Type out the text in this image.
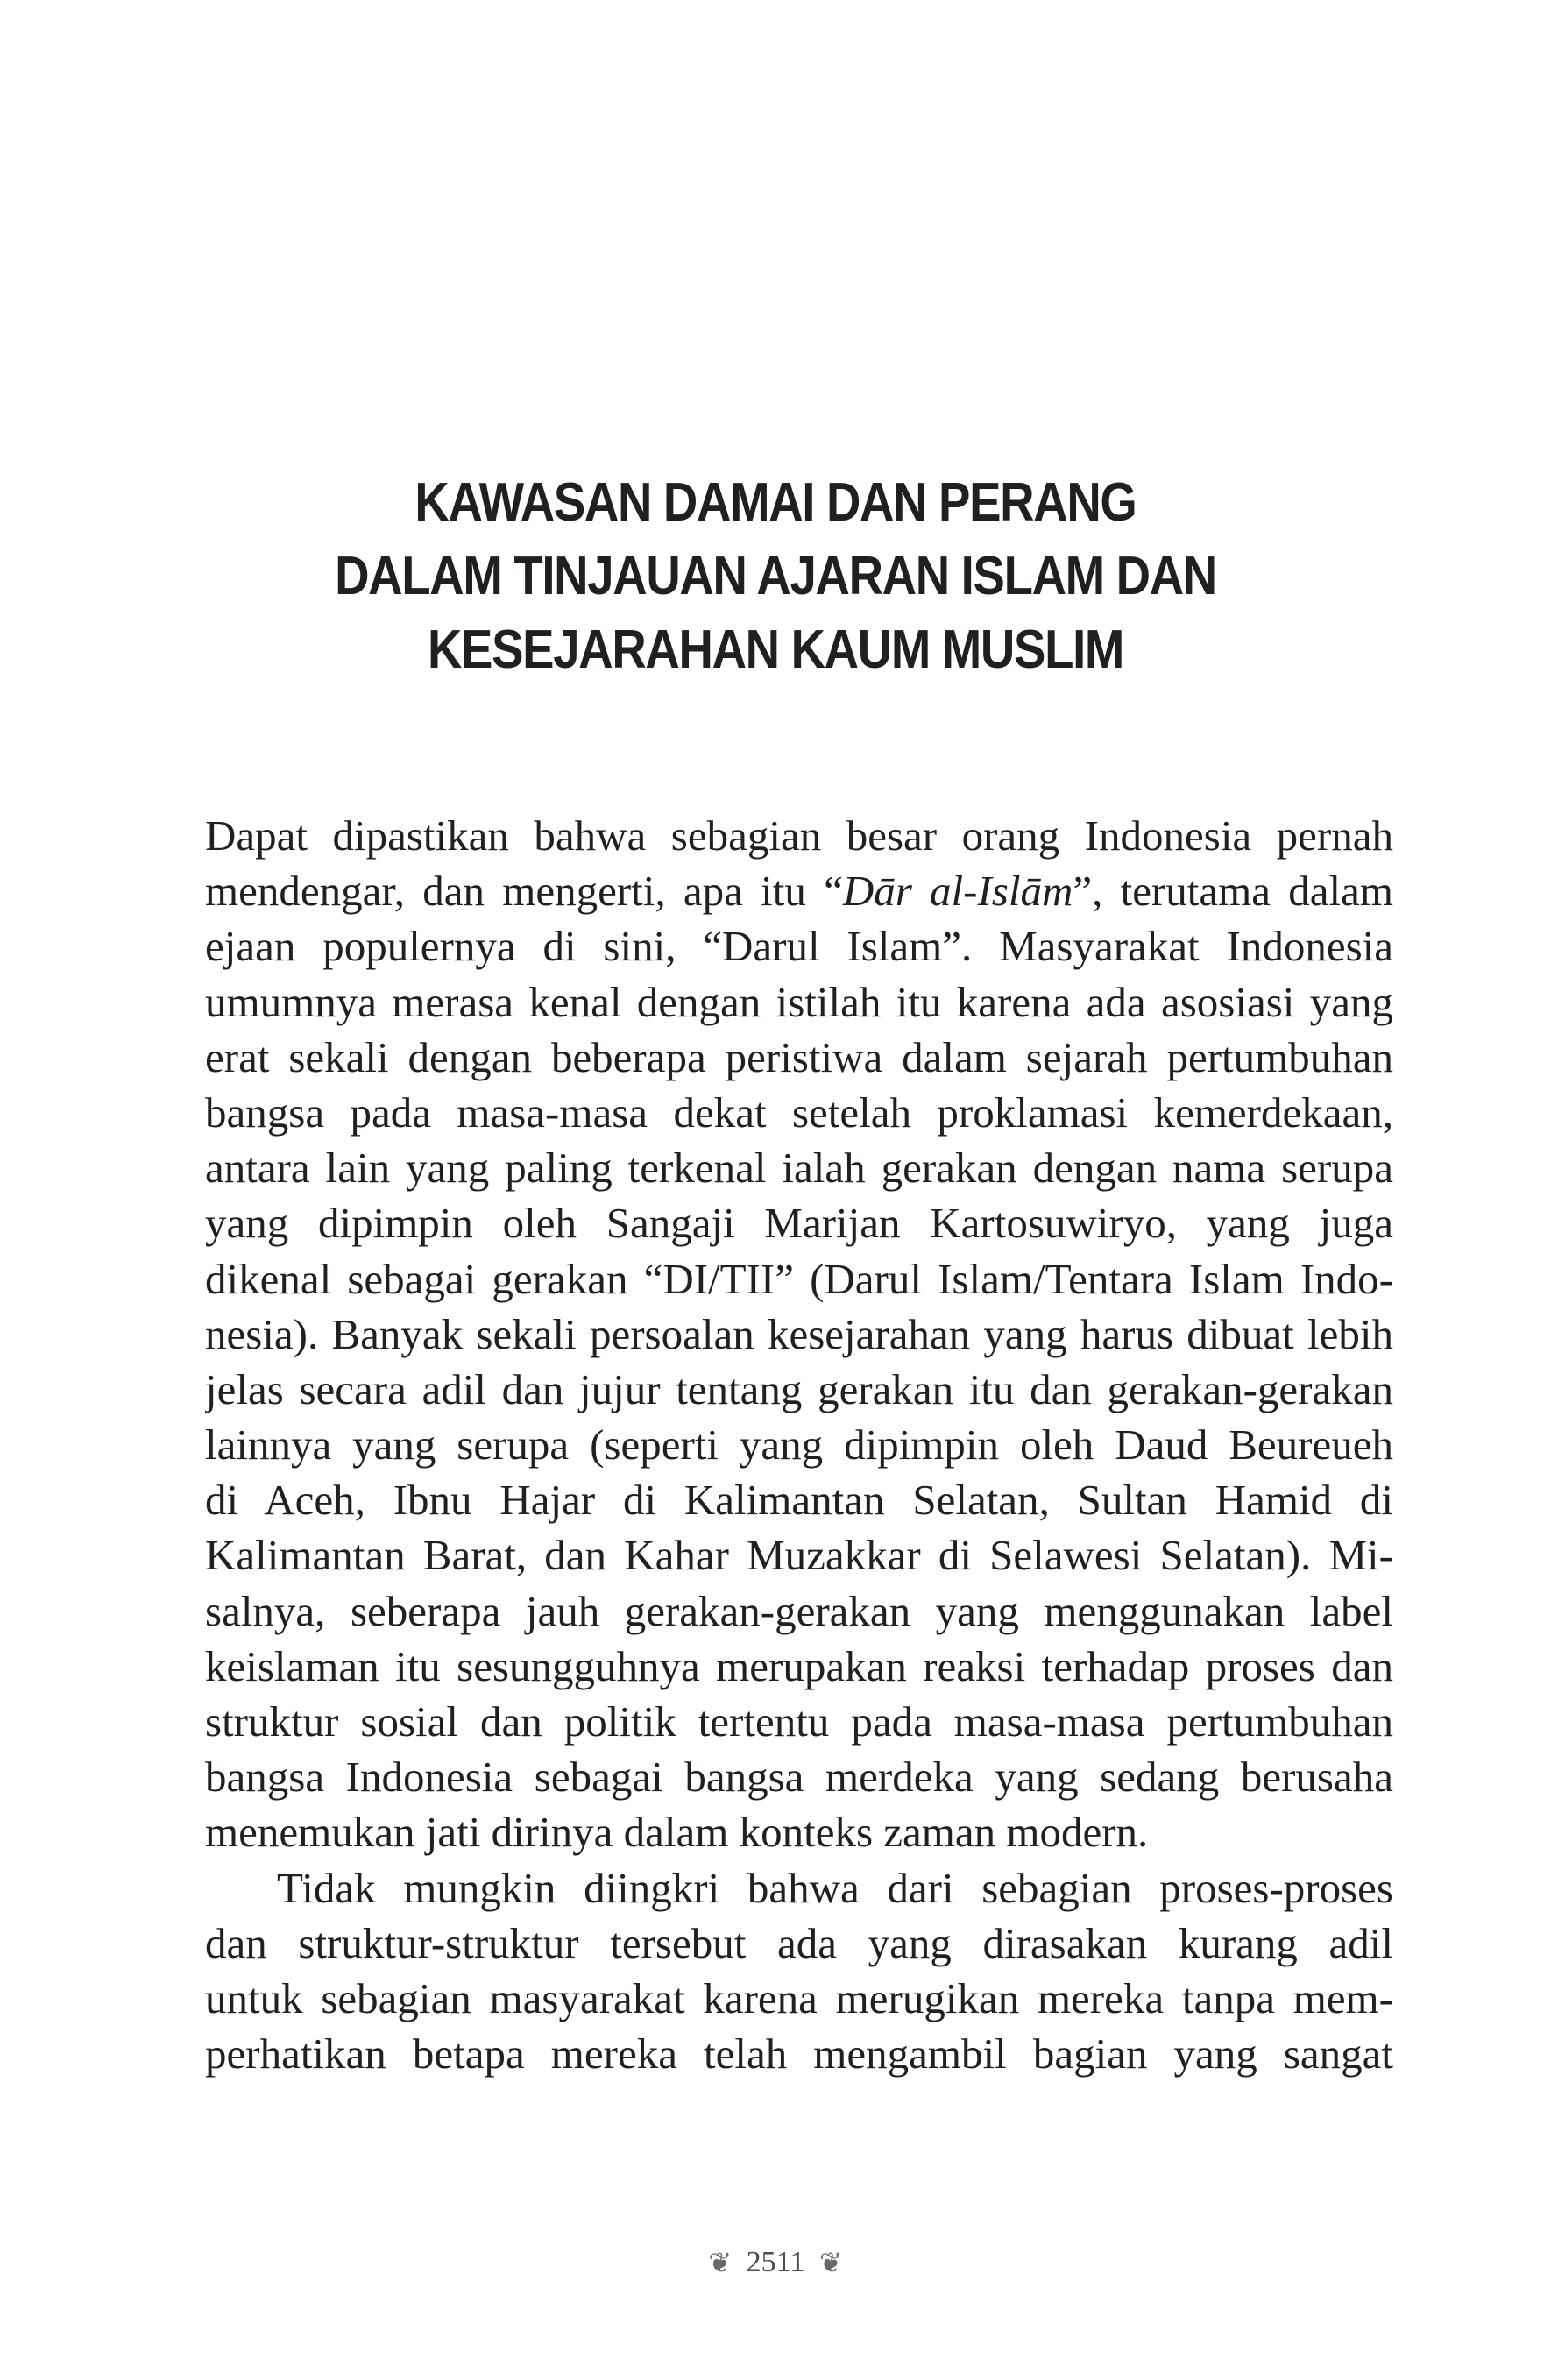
KAWASAN DAMAI DAN PERANG
DALAM TINJAUAN AJARAN ISLAM DAN
KESEJARAHAN KAUM MUSLIM

Dapat dipastikan bahwa sebagian besar orang Indonesia pernah
mendengar, dan mengerti, apa itu “Dār al-Islām”, terutama dalam
ejaan populernya di sini, “Darul Islam”. Masyarakat Indonesia
umumnya merasa kenal dengan istilah itu karena ada asosiasi yang
erat sekali dengan beberapa peristiwa dalam sejarah pertumbuhan
bangsa pada masa-masa dekat setelah proklamasi kemerdekaan,
antara lain yang paling terkenal ialah gerakan dengan nama serupa
yang dipimpin oleh Sangaji Marijan Kartosuwiryo, yang juga
dikenal sebagai gerakan “DI/TII” (Darul Islam/Tentara Islam Indo-
nesia). Banyak sekali persoalan kesejarahan yang harus dibuat lebih
jelas secara adil dan jujur tentang gerakan itu dan gerakan-gerakan
lainnya yang serupa (seperti yang dipimpin oleh Daud Beureueh
di Aceh, Ibnu Hajar di Kalimantan Selatan, Sultan Hamid di
Kalimantan Barat, dan Kahar Muzakkar di Selawesi Selatan). Mi-
salnya, seberapa jauh gerakan-gerakan yang menggunakan label
keislaman itu sesungguhnya merupakan reaksi terhadap proses dan
struktur sosial dan politik tertentu pada masa-masa pertumbuhan
bangsa Indonesia sebagai bangsa merdeka yang sedang berusaha
menemukan jati dirinya dalam konteks zaman modern.

Tidak mungkin diingkri bahwa dari sebagian proses-proses
dan struktur-struktur tersebut ada yang dirasakan kurang adil
untuk sebagian masyarakat karena merugikan mereka tanpa mem-
perhatikan betapa mereka telah mengambil bagian yang sangat

❦ 2511 ❦
